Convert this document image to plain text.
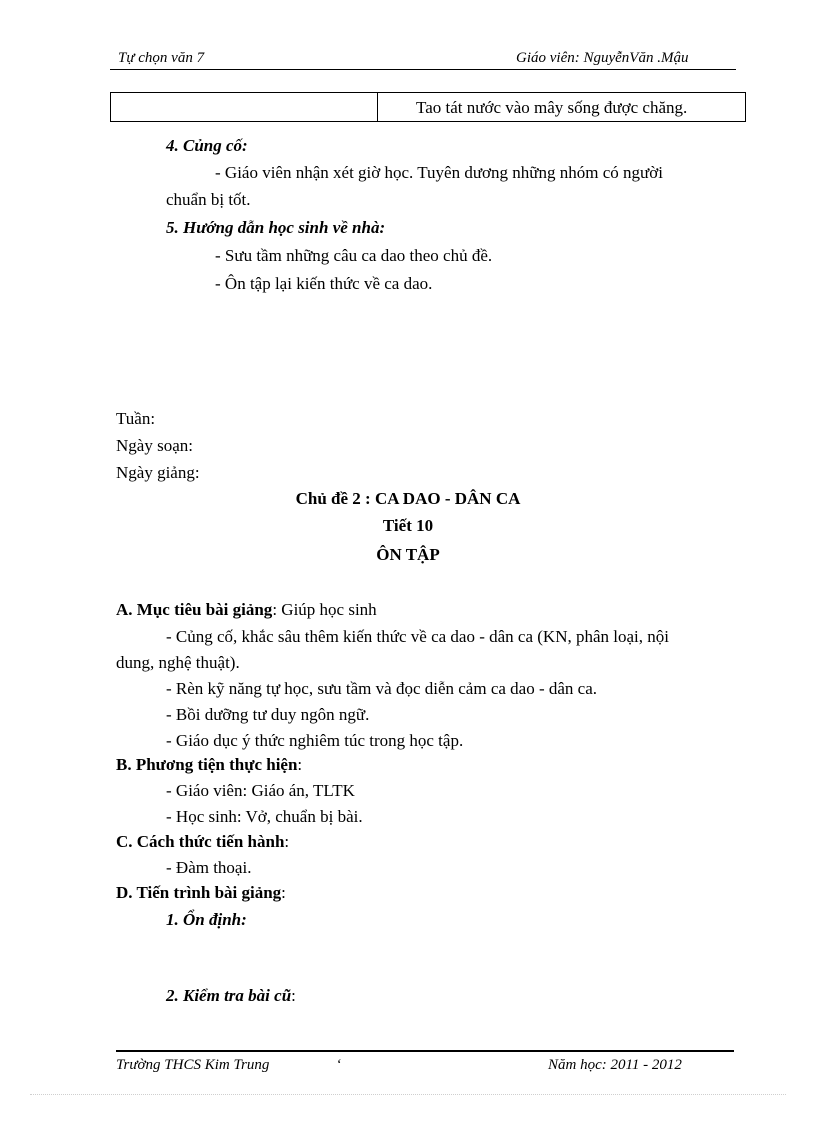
Tự chọn văn 7	Giáo viên: NguyễnVăn .Mậu
Tao tát nước vào mây sống được chăng.
4. Củng cố:
- Giáo viên nhận xét giờ học. Tuyên dương những nhóm có người
chuẩn bị tốt.
5. Hướng dẫn học sinh về nhà:
- Sưu tầm những câu ca dao theo chủ đề.
- Ôn tập lại kiến thức về ca dao.
Tuần:
Ngày soạn:
Ngày giảng:
Chủ đề 2 : CA DAO - DÂN CA
Tiết 10
ÔN TẬP
A. Mục tiêu bài giảng: Giúp học sinh
- Củng cố, khắc sâu thêm kiến thức về ca dao - dân ca (KN, phân loại, nội
dung, nghệ thuật).
- Rèn kỹ năng tự học, sưu tầm và đọc diễn cảm ca dao - dân ca.
- Bồi dưỡng tư duy ngôn ngữ.
- Giáo dục ý thức nghiêm túc trong học tập.
B. Phương tiện thực hiện:
- Giáo viên: Giáo án, TLTK
- Học sinh: Vở, chuẩn bị bài.
C. Cách thức tiến hành:
- Đàm thoại.
D. Tiến trình bài giảng:
1. Ổn định:
2. Kiểm tra bài cũ:
Trường THCS Kim Trung	‘	Năm học: 2011 - 2012
